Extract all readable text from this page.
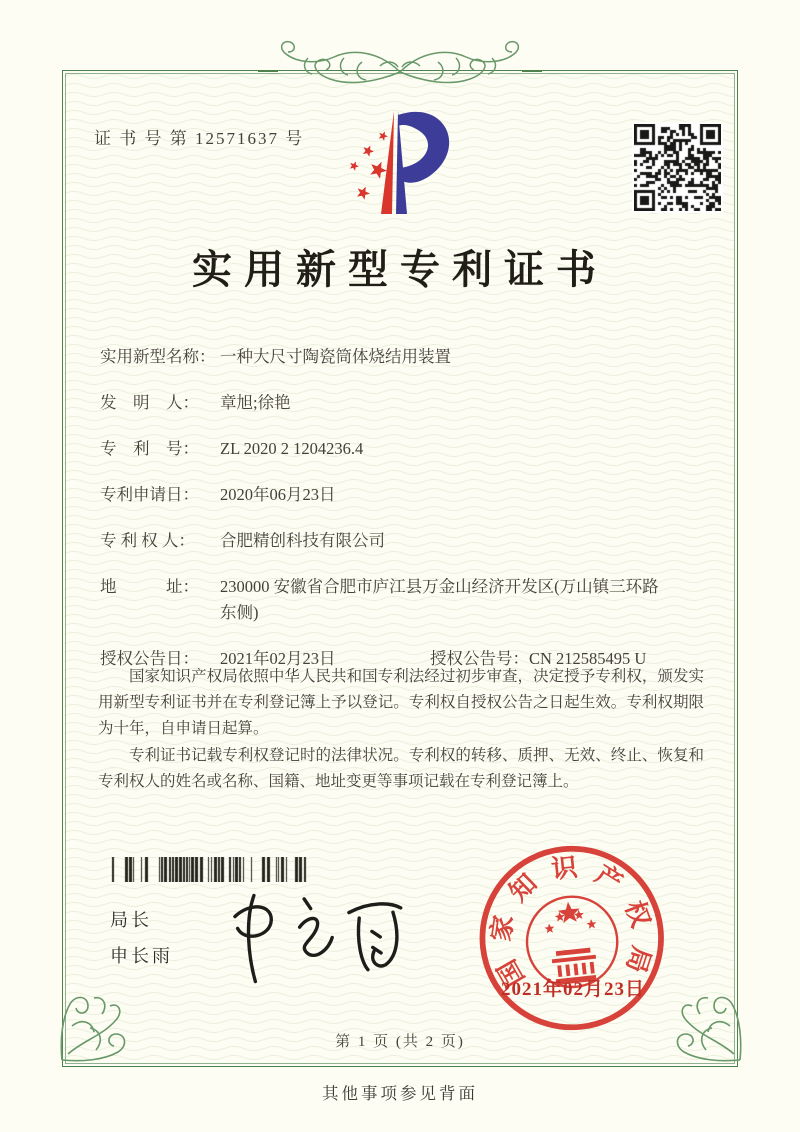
证 书 号 第 12571637 号
实用新型专利证书
实用新型名称： 一种大尺寸陶瓷筒体烧结用装置
发　明　人：	章旭;徐艳
专　利　号：	ZL 2020 2 1204236.4
专利申请日：	2020年06月23日
专 利 权 人：	合肥精创科技有限公司
地　　　址：	230000 安徽省合肥市庐江县万金山经济开发区(万山镇三环路东侧)
授权公告日：	2021年02月23日	授权公告号： CN 212585495 U

国家知识产权局依照中华人民共和国专利法经过初步审查，决定授予专利权，颁发实用新型专利证书并在专利登记簿上予以登记。专利权自授权公告之日起生效。专利权期限为十年，自申请日起算。

专利证书记载专利权登记时的法律状况。专利权的转移、质押、无效、终止、恢复和专利权人的姓名或名称、国籍、地址变更等事项记载在专利登记簿上。

局长
申长雨	国
家
知 识 产
权
局
2021年02月23日
第 1 页 (共 2 页)
其他事项参见背面
